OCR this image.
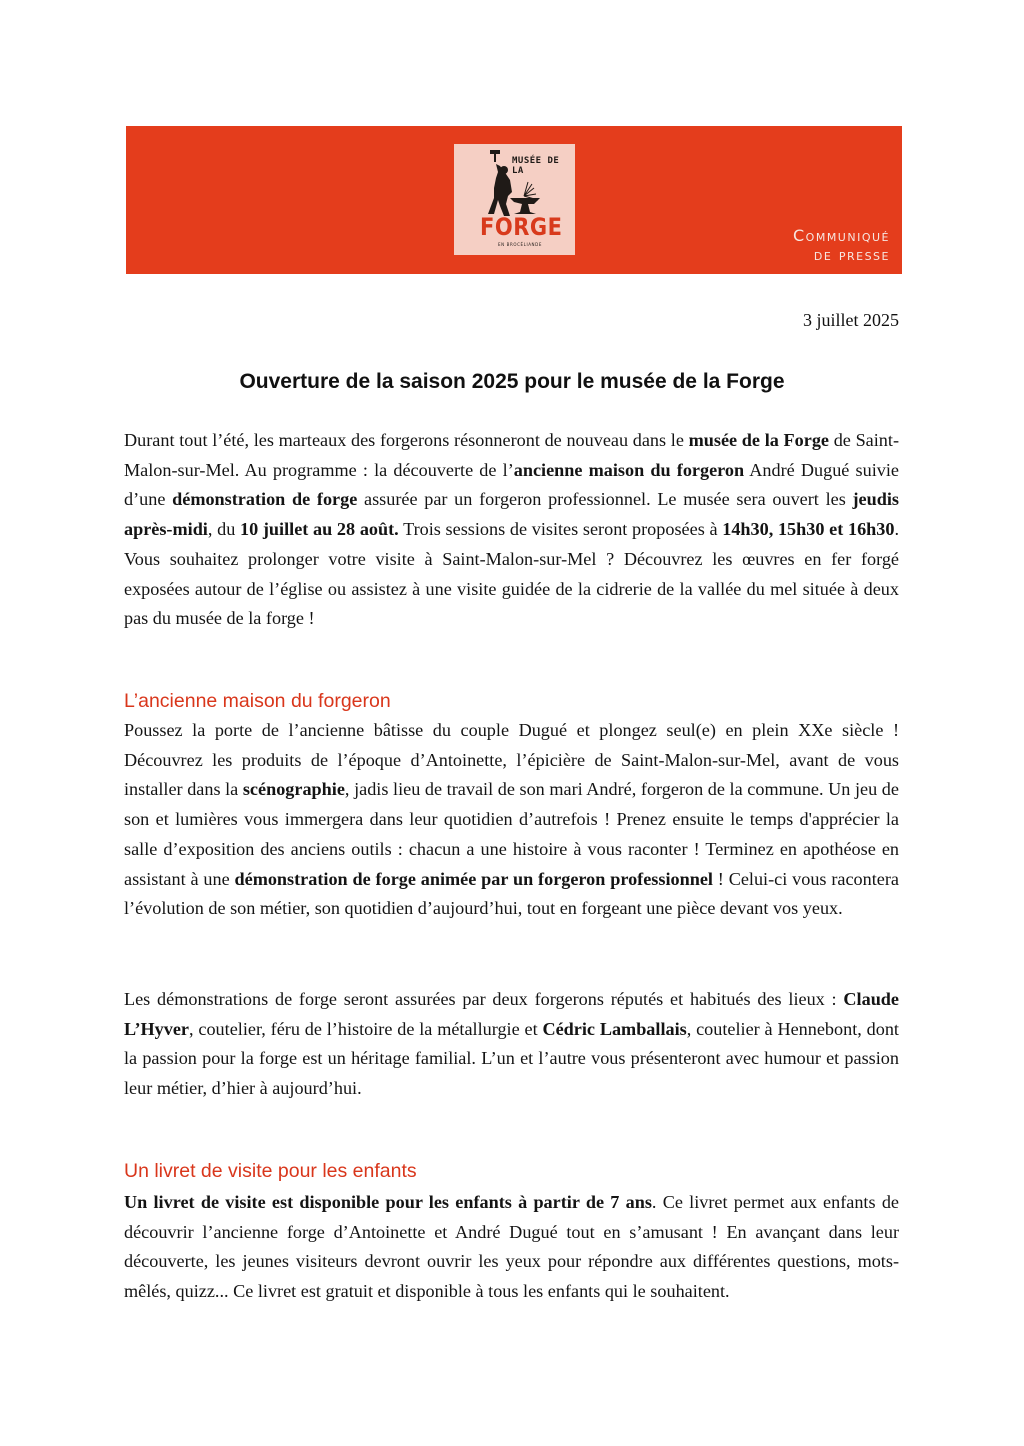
MUSÉE DE LA
FORGE
EN BROCÉLIANDE	Communiqué
de presse
3 juillet 2025
Ouverture de la saison 2025 pour le musée de la Forge

Durant tout l’été, les marteaux des forgerons résonneront de nouveau dans le musée de la Forge de Saint-Malon-sur-Mel. Au programme : la découverte de l’ancienne maison du forgeron André Dugué suivie d’une démonstration de forge assurée par un forgeron professionnel. Le musée sera ouvert les jeudis après-midi, du 10 juillet au 28 août. Trois sessions de visites seront proposées à 14h30, 15h30 et 16h30. Vous souhaitez prolonger votre visite à Saint-Malon-sur-Mel ? Découvrez les œuvres en fer forgé exposées autour de l’église ou assistez à une visite guidée de la cidrerie de la vallée du mel située à deux pas du musée de la forge !

L’ancienne maison du forgeron

Poussez la porte de l’ancienne bâtisse du couple Dugué et plongez seul(e) en plein XXe siècle ! Découvrez les produits de l’époque d’Antoinette, l’épicière de Saint-Malon-sur-Mel, avant de vous installer dans la scénographie, jadis lieu de travail de son mari André, forgeron de la commune. Un jeu de son et lumières vous immergera dans leur quotidien d’autrefois ! Prenez ensuite le temps d'apprécier la salle d’exposition des anciens outils : chacun a une histoire à vous raconter ! Terminez en apothéose en assistant à une démonstration de forge animée par un forgeron professionnel ! Celui-ci vous racontera l’évolution de son métier, son quotidien d’aujourd’hui, tout en forgeant une pièce devant vos yeux.

Les démonstrations de forge seront assurées par deux forgerons réputés et habitués des lieux : Claude L’Hyver, coutelier, féru de l’histoire de la métallurgie et Cédric Lamballais, coutelier à Hennebont, dont la passion pour la forge est un héritage familial. L’un et l’autre vous présenteront avec humour et passion leur métier, d’hier à aujourd’hui.

Un livret de visite pour les enfants

Un livret de visite est disponible pour les enfants à partir de 7 ans. Ce livret permet aux enfants de découvrir l’ancienne forge d’Antoinette et André Dugué tout en s’amusant ! En avançant dans leur découverte, les jeunes visiteurs devront ouvrir les yeux pour répondre aux différentes questions, mots-mêlés, quizz... Ce livret est gratuit et disponible à tous les enfants qui le souhaitent.
